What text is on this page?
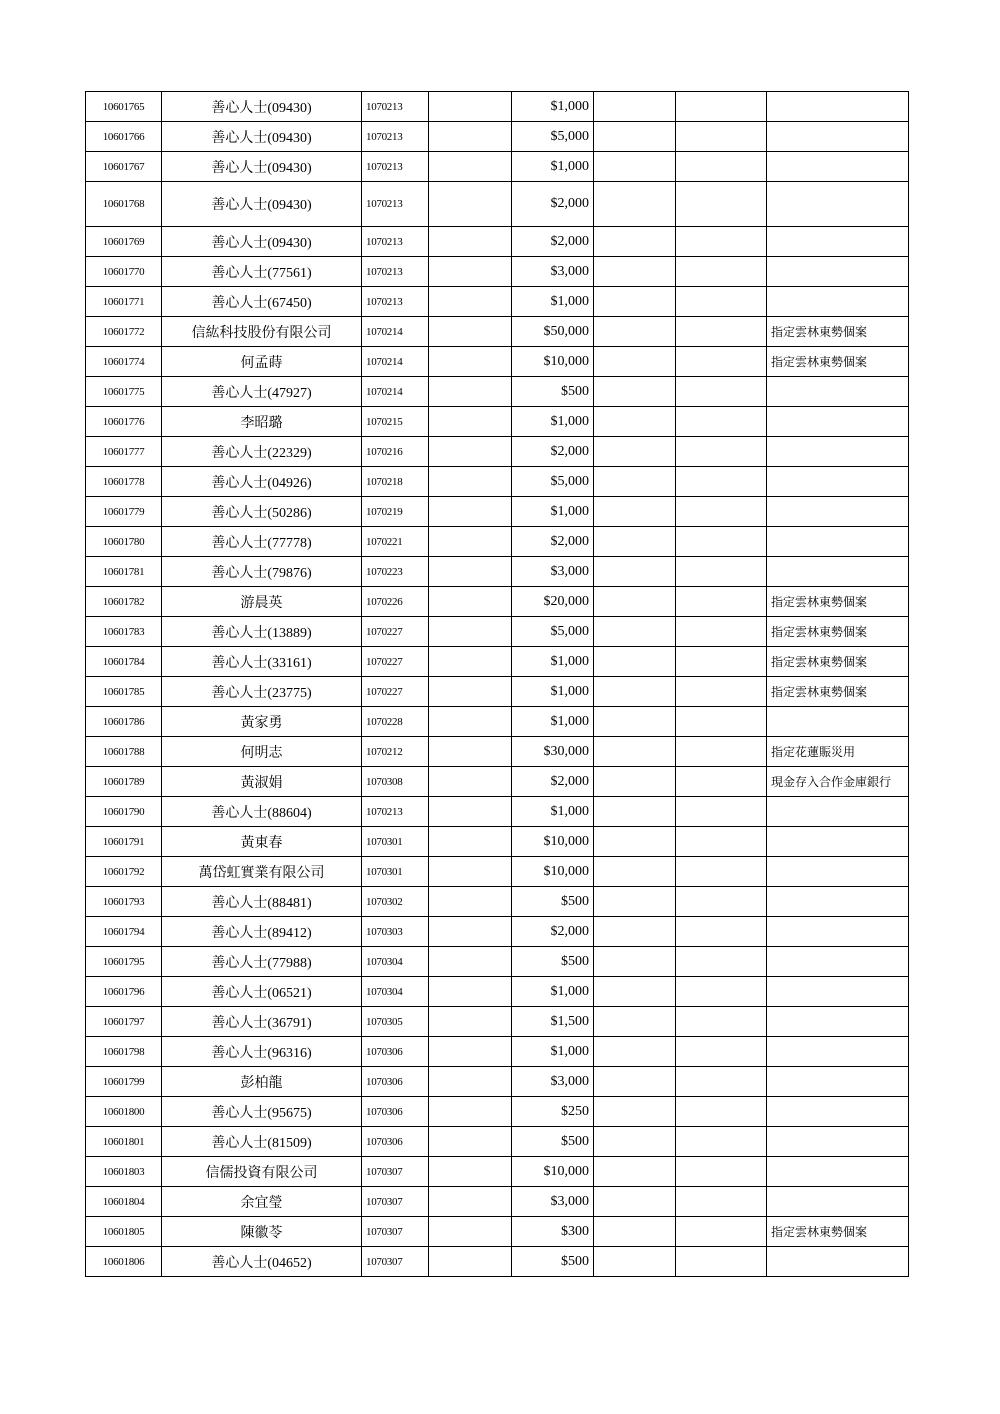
10601765	善心人士(09430)	1070213		$1,000			
10601766	善心人士(09430)	1070213		$5,000			
10601767	善心人士(09430)	1070213		$1,000			
10601768	善心人士(09430)	1070213		$2,000			
10601769	善心人士(09430)	1070213		$2,000			
10601770	善心人士(77561)	1070213		$3,000			
10601771	善心人士(67450)	1070213		$1,000			
10601772	信紘科技股份有限公司	1070214		$50,000			指定雲林東勢個案
10601774	何孟蒔	1070214		$10,000			指定雲林東勢個案
10601775	善心人士(47927)	1070214		$500			
10601776	李昭璐	1070215		$1,000			
10601777	善心人士(22329)	1070216		$2,000			
10601778	善心人士(04926)	1070218		$5,000			
10601779	善心人士(50286)	1070219		$1,000			
10601780	善心人士(77778)	1070221		$2,000			
10601781	善心人士(79876)	1070223		$3,000			
10601782	游晨英	1070226		$20,000			指定雲林東勢個案
10601783	善心人士(13889)	1070227		$5,000			指定雲林東勢個案
10601784	善心人士(33161)	1070227		$1,000			指定雲林東勢個案
10601785	善心人士(23775)	1070227		$1,000			指定雲林東勢個案
10601786	黃家勇	1070228		$1,000			
10601788	何明志	1070212		$30,000			指定花蓮賑災用
10601789	黃淑娟	1070308		$2,000			現金存入合作金庫銀行
10601790	善心人士(88604)	1070213		$1,000			
10601791	黃東春	1070301		$10,000			
10601792	萬岱虹實業有限公司	1070301		$10,000			
10601793	善心人士(88481)	1070302		$500			
10601794	善心人士(89412)	1070303		$2,000			
10601795	善心人士(77988)	1070304		$500			
10601796	善心人士(06521)	1070304		$1,000			
10601797	善心人士(36791)	1070305		$1,500			
10601798	善心人士(96316)	1070306		$1,000			
10601799	彭柏龍	1070306		$3,000			
10601800	善心人士(95675)	1070306		$250			
10601801	善心人士(81509)	1070306		$500			
10601803	信儒投資有限公司	1070307		$10,000			
10601804	余宜瑩	1070307		$3,000			
10601805	陳徽苓	1070307		$300			指定雲林東勢個案
10601806	善心人士(04652)	1070307		$500			
